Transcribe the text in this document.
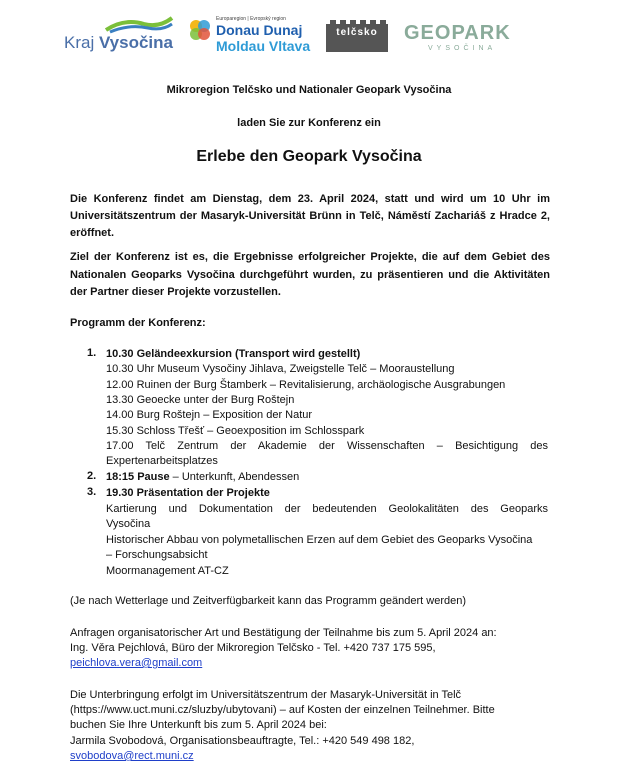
Kraj Vysočina
Europaregion | Evropský region
Donau Dunaj
Moldau Vltava
telčsko	GEOPARK
VYSOČINA
Mikroregion Telčsko und Nationaler Geopark Vysočina
laden Sie zur Konferenz ein
Erlebe den Geopark Vysočina
Die Konferenz findet am Dienstag, dem 23. April 2024, statt und wird um 10 Uhr im
Universitätszentrum der Masaryk-Universität Brünn in Telč, Náměstí Zachariáš z Hradce 2,
eröffnet.
Ziel der Konferenz ist es, die Ergebnisse erfolgreicher Projekte, die auf dem Gebiet des
Nationalen Geoparks Vysočina durchgeführt wurden, zu präsentieren und die Aktivitäten
der Partner dieser Projekte vorzustellen.
Programm der Konferenz:
1. 10.30 Geländeexkursion (Transport wird gestellt)
10.30 Uhr Museum Vysočiny Jihlava, Zweigstelle Telč – Mooraustellung
12.00 Ruinen der Burg Štamberk – Revitalisierung, archäologische Ausgrabungen
13.30 Geoecke unter der Burg Roštejn
14.00 Burg Roštejn – Exposition der Natur
15.30 Schloss Třešť – Geoexposition im Schlosspark
17.00 Telč Zentrum der Akademie der Wissenschaften – Besichtigung des
Expertenarbeitsplatzes
2. 18:15 Pause – Unterkunft, Abendessen
3. 19.30 Präsentation der Projekte
Kartierung und Dokumentation der bedeutenden Geolokalitäten des Geoparks
Vysočina
Historischer Abbau von polymetallischen Erzen auf dem Gebiet des Geoparks Vysočina
– Forschungsabsicht
Moormanagement AT-CZ
(Je nach Wetterlage und Zeitverfügbarkeit kann das Programm geändert werden)
Anfragen organisatorischer Art und Bestätigung der Teilnahme bis zum 5. April 2024 an:
Ing. Věra Pejchlová, Büro der Mikroregion Telčsko - Tel. +420 737 175 595,
peichlova.vera@gmail.com
Die Unterbringung erfolgt im Universitätszentrum der Masaryk-Universität in Telč
(https://www.uct.muni.cz/sluzby/ubytovani) – auf Kosten der einzelnen Teilnehmer. Bitte
buchen Sie Ihre Unterkunft bis zum 5. April 2024 bei:
Jarmila Svobodová, Organisationsbeauftragte, Tel.: +420 549 498 182,
svobodova@rect.muni.cz
